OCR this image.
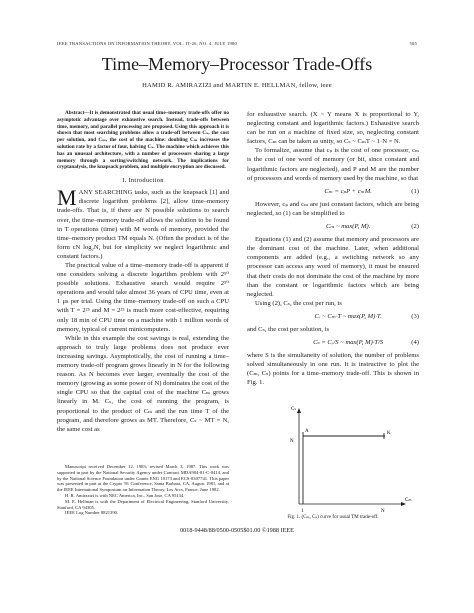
IEEE TRANSACTIONS ON INFORMATION THEORY, VOL. IT-26, NO. 4, JULY 1980	505
Time–Memory–Processor Trade-Offs
HAMID R. AMIRAZIZI and MARTIN E. HELLMAN, fellow, ieee

Abstract—It is demonstrated that usual time–memory trade-offs offer no asymptotic advantage over exhaustive search. Instead, trade-offs between time, memory, and parallel processing are proposed. Using this approach it is shown that most searching problems allow a trade-off between Cₛ, the cost per solution, and Cₘ, the cost of the machine: doubling Cₘ increases the solution rate by a factor of four, halving Cₛ. The machine which achieves this has an unusual architecture, with a number of processors sharing a large memory through a sorting/switching network. The implications for cryptanalysis, the knapsack problem, and multiple encryption are discussed.

I. Introduction

MANY SEARCHING tasks, such as the knapsack [1] and discrete logarithm problems [2], allow time–memory trade-offs. That is, if there are N possible solutions to search over, the time–memory trade-off allows the solution to be found in T operations (time) with M words of memory, provided the time–memory product TM equals N. (Often the product is of the form cN log₂N, but for simplicity we neglect logarithmic and constant factors.)

The practical value of a time–memory trade-off is apparent if one considers solving a discrete logarithm problem with 2⁵⁰ possible solutions. Exhaustive search would require 2⁵⁰ operations and would take almost 36 years of CPU time, even at 1 μs per trial. Using the time–memory trade-off on such a CPU with T = 2²⁵ and M = 2²⁵ is much more cost-effective, requiring only 18 min of CPU time on a machine with 1 million words of memory, typical of current minicomputers.

While in this example the cost savings is real, extending the approach to truly large problems does not produce ever increasing savings. Asymptotically, the cost of running a time–memory trade-off program grows linearly in N for the following reason. As N becomes ever larger, eventually the cost of the memory (growing as some power of N) dominates the cost of the single CPU so that the capital cost of the machine Cₘ grows linearly in M. Cₛ, the cost of running the program, is proportional to the product of Cₘ and the run time T of the program, and therefore grows as MT. Therefore, Cₛ ~ MT = N, the same cost as

Manuscript received December 12, 1983; revised March 3, 1987. This work was supported in part by the National Security Agency under Contract MDA904-81-C-0414, and by the National Science Foundation under Grants ENG 10173 and ECS-8307741. This paper was presented in part at the Crypto '81 Conference, Santa Barbara, CA, August 1981, and at the IEEE International Symposium on Information Theory, Les Arcs, France, June 1982.

H. R. Amirazizi is with NEC America, Inc., San Jose, CA 95134.

M. E. Hellman is with the Department of Electrical Engineering, Stanford University, Stanford, CA 94305.

IEEE Log Number 8821390.

for exhaustive search. (X ~ Y means X is proportional to Y, neglecting constant and logarithmic factors.) Exhaustive search can be run on a machine of fixed size, so, neglecting constant factors, Cₘ can be taken as unity, so Cₛ ~ CₘT ~ 1·N = N.

To formalize, assume that cₚ is the cost of one processor, cₘ is the cost of one word of memory (or bit, since constant and logarithmic factors are neglected), and P and M are the number of processors and words of memory used by the machine, so that

Cₘ = cₚP + cₘM.	(1)

However, cₚ and cₘ are just constant factors, which are being neglected, so (1) can be simplified to

Cₘ ~ max(P, M).	(2)

Equations (1) and (2) assume that memory and processors are the dominant cost of the machine. Later, when additional components are added (e.g., a switching network so any processor can access any word of memory), it must be ensured that their costs do not dominate the cost of the machine by more than the constant or logarithmic factors which are being neglected.

Using (2), Cₛ, the cost per run, is

Cᵣ ~ Cₘ·T ~ max(P, M)·T.	(3)

and Cₛ, the cost per solution, is

Cₛ = Cᵣ/S ~ max(P, M)·T/S	(4)

where S is the simultaneity of solution, the number of problems solved simultaneously in one run. It is instructive to plot the (Cₘ, Cₛ) points for a time–memory trade-off. This is shown in Fig. 1.

Cₛ
Cₘ
A	K
N
1	N
Fig. 1. (Cₘ, Cₛ) curve for usual TM trade-off.
0018-9448/88/0500-0505$01.00 ©1988 IEEE
